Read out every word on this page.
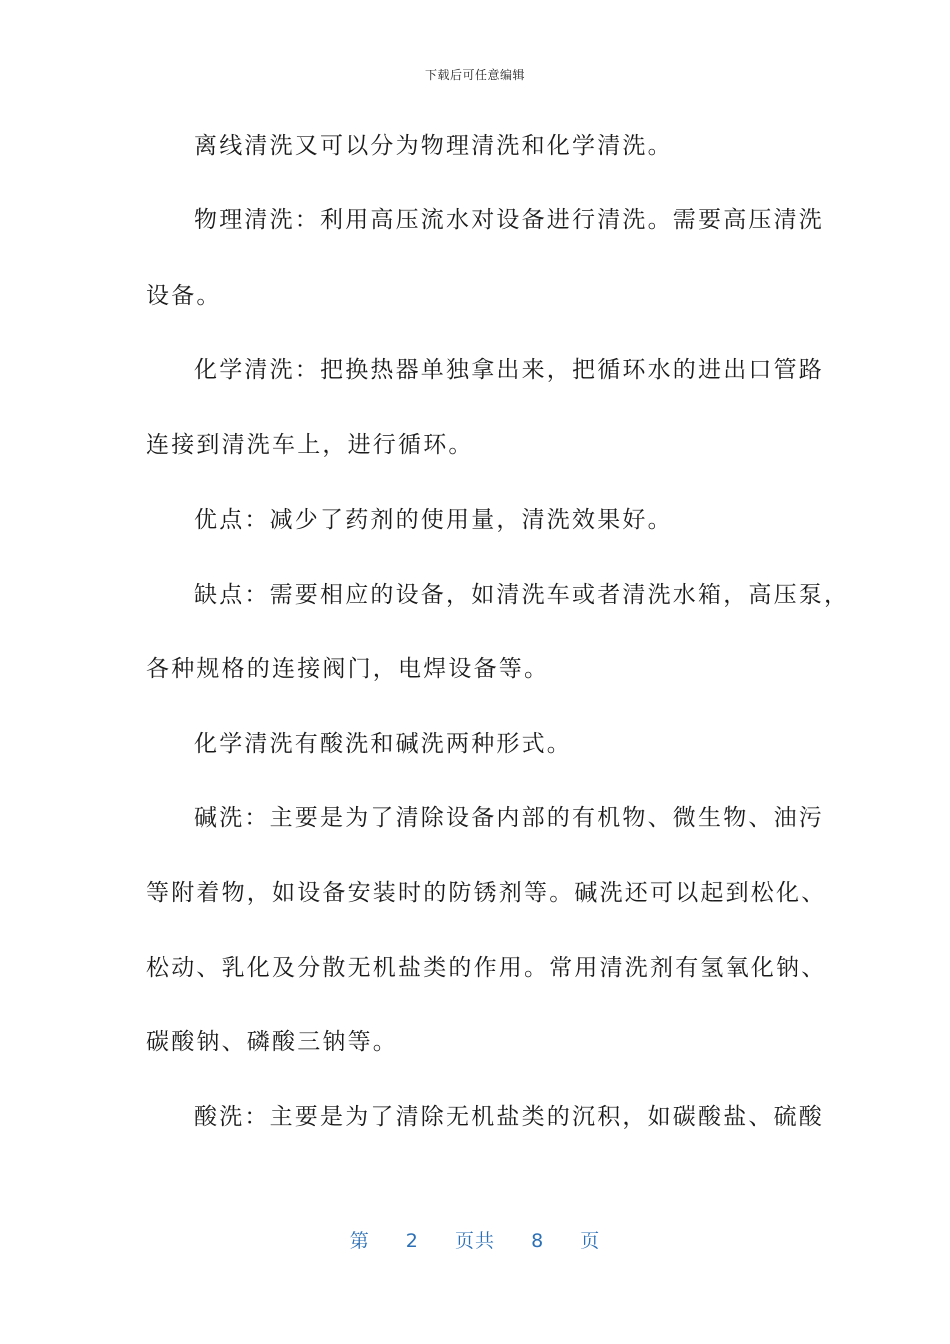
下载后可任意编辑
离线清洗又可以分为物理清洗和化学清洗。
物理清洗：利用高压流水对设备进行清洗。需要高压清洗
设备。
化学清洗：把换热器单独拿出来，把循环水的进出口管路
连接到清洗车上，进行循环。
优点：减少了药剂的使用量，清洗效果好。
缺点：需要相应的设备，如清洗车或者清洗水箱，高压泵，
各种规格的连接阀门，电焊设备等。
化学清洗有酸洗和碱洗两种形式。
碱洗：主要是为了清除设备内部的有机物、微生物、油污
等附着物，如设备安装时的防锈剂等。碱洗还可以起到松化、
松动、乳化及分散无机盐类的作用。常用清洗剂有氢氧化钠、
碳酸钠、磷酸三钠等。
酸洗：主要是为了清除无机盐类的沉积，如碳酸盐、硫酸
第 2 页共 8 页
